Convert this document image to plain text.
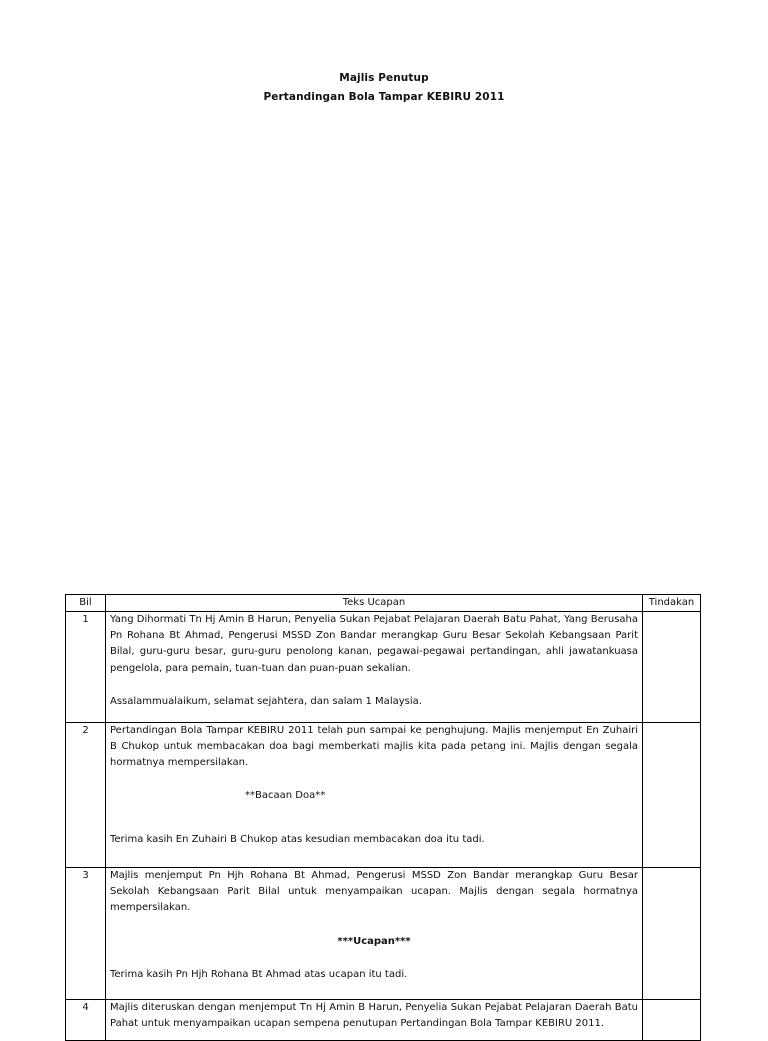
Majlis Penutup
Pertandingan Bola Tampar KEBIRU 2011
Bil	Teks Ucapan	Tindakan
1	Yang Dihormati Tn Hj Amin B Harun, Penyelia Sukan Pejabat Pelajaran Daerah Batu Pahat, Yang Berusaha Pn Rohana Bt Ahmad, Pengerusi MSSD Zon Bandar merangkap Guru Besar Sekolah Kebangsaan Parit Bilal, guru-guru besar, guru-guru penolong kanan, pegawai-pegawai pertandingan, ahli jawatankuasa pengelola, para pemain, tuan-tuan dan puan-puan sekalian.

Assalammualaikum, selamat sejahtera, dan salam 1 Malaysia.	

2	Pertandingan Bola Tampar KEBIRU 2011 telah pun sampai ke penghujung. Majlis menjemput En Zuhairi B Chukop untuk membacakan doa bagi memberkati majlis kita pada petang ini. Majlis dengan segala hormatnya mempersilakan.

**Bacaan Doa**

Terima kasih En Zuhairi B Chukop atas kesudian membacakan doa itu tadi.	

3	Majlis menjemput Pn Hjh Rohana Bt Ahmad, Pengerusi MSSD Zon Bandar merangkap Guru Besar Sekolah Kebangsaan Parit Bilal untuk menyampaikan ucapan. Majlis dengan segala hormatnya mempersilakan.

***Ucapan***

Terima kasih Pn Hjh Rohana Bt Ahmad atas ucapan itu tadi.	

4	Majlis diteruskan dengan menjemput Tn Hj Amin B Harun, Penyelia Sukan Pejabat Pelajaran Daerah Batu Pahat untuk menyampaikan ucapan sempena penutupan Pertandingan Bola Tampar KEBIRU 2011.	
